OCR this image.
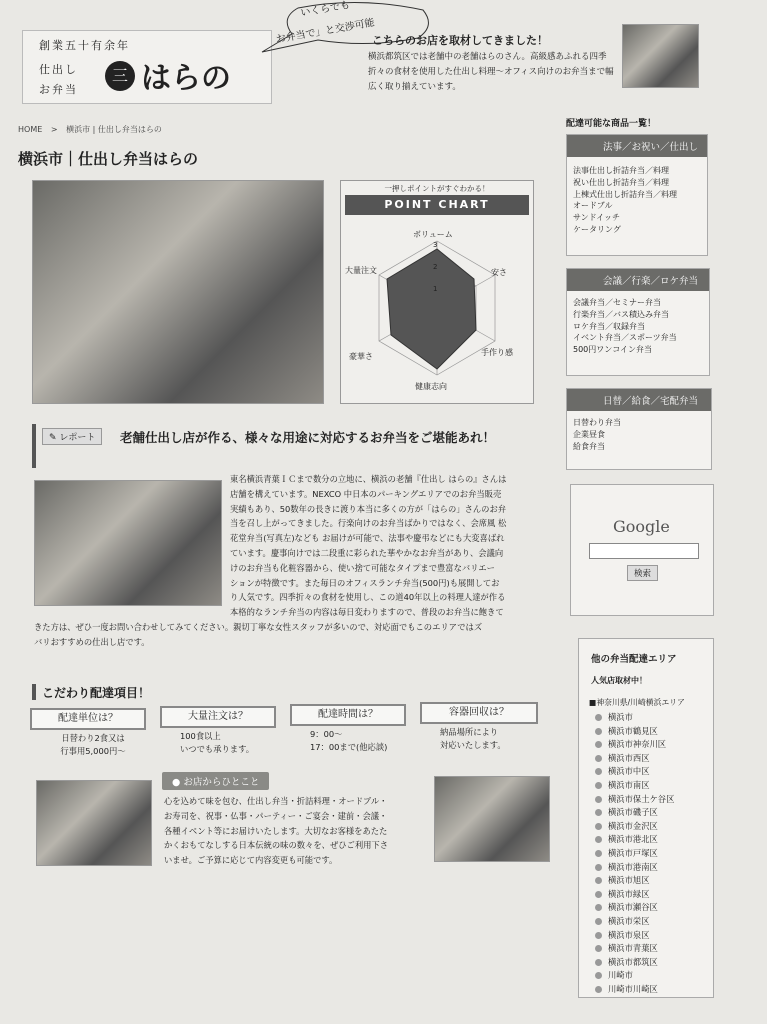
創業五十有余年
仕出し
お弁当
三 はらの
いくらでも
お弁当で」と交渉可能
こちらのお店を取材してきました！
横浜都筑区では老舗中の老舗はらのさん。高級感あふれる四季折々の食材を使用した仕出し料理〜オフィス向けのお弁当まで幅広く取り揃えています。
HOME > 横浜市 | 仕出し弁当はらの
横浜市｜仕出し弁当はらの
一押しポイントがすぐわかる！
POINT CHART
ボリューム
安さ
手作り感
健康志向
豪華さ
大量注文
3
2
1
✎ レポート	老舗仕出し店が作る、様々な用途に対応するお弁当をご堪能あれ！
東名横浜青葉ＩＣまで数分の立地に、横浜の老舗『仕出し はらの』さんは
店舗を構えています。NEXCO 中日本のパーキングエリアでのお弁当販売
実績もあり、50数年の長きに渡り本当に多くの方が「はらの」さんのお弁
当を召し上がってきました。行楽向けのお弁当ばかりではなく、会席風 松
花堂弁当(写真左)なども お届けが可能で、法事や慶弔などにも大変喜ばれ
ています。慶事向けでは二段重に彩られた華やかなお弁当があり、会議向
けのお弁当も化粧容器から、使い捨て可能なタイプまで豊富なバリエー
ションが特徴です。また毎日のオフィスランチ弁当(500円)も展開してお
り人気です。四季折々の食材を使用し、この道40年以上の料理人達が作る
本格的なランチ弁当の内容は毎日変わりますので、普段のお弁当に飽きて
きた方は、ぜひ一度お問い合わせしてみてください。親切丁寧な女性スタッフが多いので、対応面でもこのエリアではズ
バリおすすめの仕出し店です。
こだわり配達項目！
配達単位は？
日替わり2食又は
行事用5,000円〜
大量注文は？
100食以上
いつでも承ります。
配達時間は？
9：00〜
17：00まで(他応談)
容器回収は？
納品場所により
対応いたします。
● お店からひとこと
心を込めて味を包む、仕出し弁当・折詰料理・オードブル・
お寿司を、祝事・仏事・パーティー・ご宴会・建前・会議・
各種イベント等にお届けいたします。大切なお客様をあたた
かくおもてなしする日本伝統の味の数々を、ぜひご利用下さ
いませ。ご予算に応じて内容変更も可能です。
配達可能な商品一覧！
法事／お祝い／仕出し
法事仕出し折詰弁当／料理
祝い仕出し折詰弁当／料理
上棟式仕出し折詰弁当／料理
オードブル
サンドイッチ
ケータリング
会議／行楽／ロケ弁当
会議弁当／セミナー弁当
行楽弁当／バス積込み弁当
ロケ弁当／収録弁当
イベント弁当／スポーツ弁当
500円ワンコイン弁当
日替／給食／宅配弁当
日替わり弁当
企業昼食
給食弁当
Google
検索
他の弁当配達エリア
人気店取材中！
■神奈川県/川崎横浜エリア
横浜市
横浜市鶴見区
横浜市神奈川区
横浜市西区
横浜市中区
横浜市南区
横浜市保土ケ谷区
横浜市磯子区
横浜市金沢区
横浜市港北区
横浜市戸塚区
横浜市港南区
横浜市旭区
横浜市緑区
横浜市瀬谷区
横浜市栄区
横浜市泉区
横浜市青葉区
横浜市都筑区
川崎市
川崎市川崎区
